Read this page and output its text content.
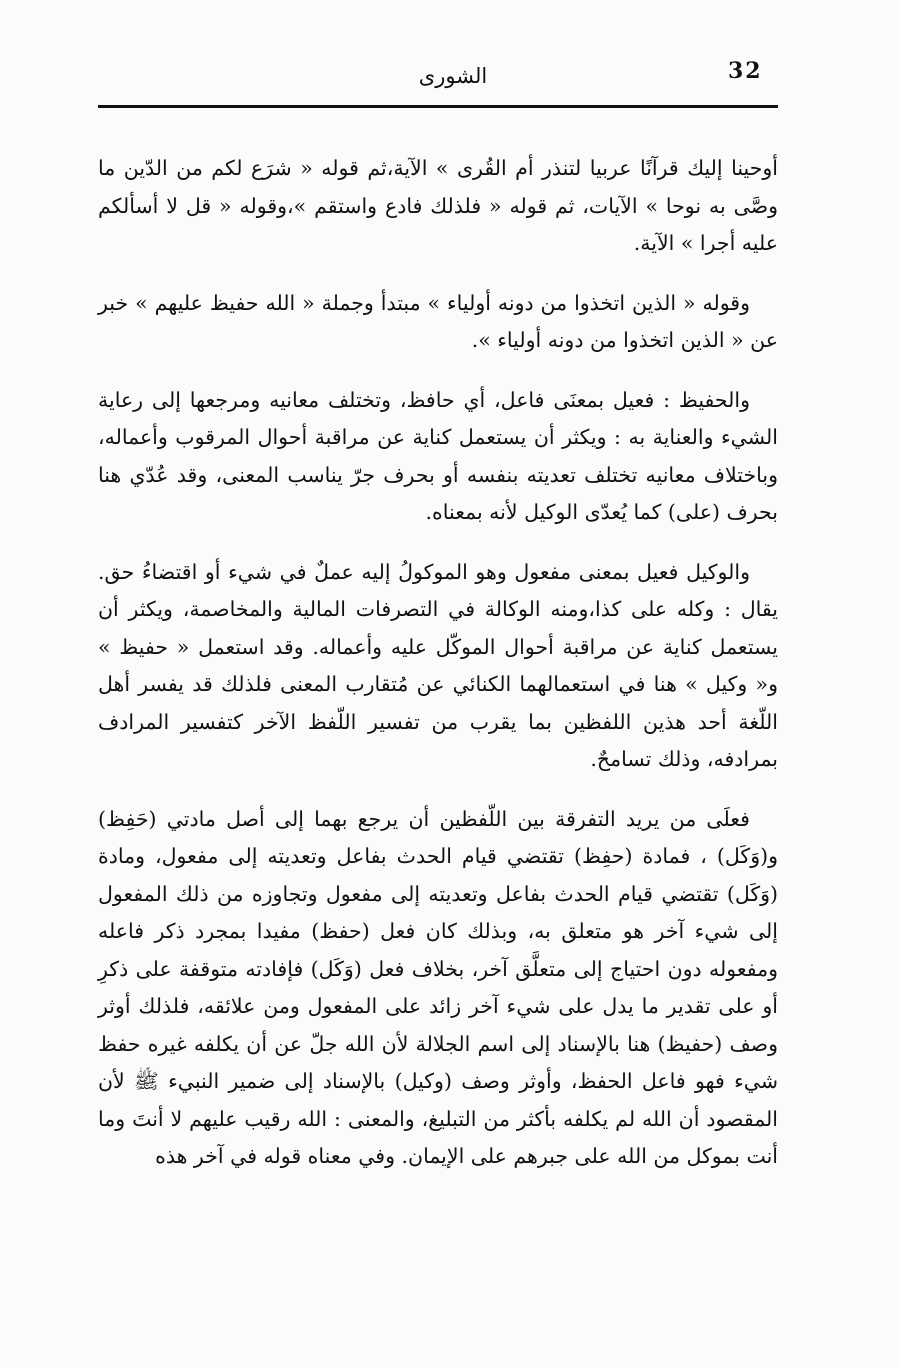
32
الشورى

أوحينا إليك قرآنًا عربيا لتنذر أم القُرى » الآية،ثم قوله « شرَع لكم من الدّين ما وصَّى به نوحا » الآيات، ثم قوله « فلذلك فادع واستقم »،وقوله « قل لا أسألكم عليه أجرا » الآية.

وقوله « الذين اتخذوا من دونه أولياء » مبتدأ وجملة « الله حفيظ عليهم » خبر عن « الذين اتخذوا من دونه أولياء ».

والحفيظ : فعيل بمعنَى فاعل، أي حافظ، وتختلف معانيه ومرجعها إلى رعاية الشيء والعناية به : ويكثر أن يستعمل كناية عن مراقبة أحوال المرقوب وأعماله، وباختلاف معانيه تختلف تعديته بنفسه أو بحرف جرّ يناسب المعنى، وقد عُدّي هنا بحرف (على) كما يُعدّى الوكيل لأنه بمعناه.

والوكيل فعيل بمعنى مفعول وهو الموكولُ إليه عملٌ في شيء أو اقتضاءُ حق. يقال : وكله على كذا،ومنه الوكالة في التصرفات المالية والمخاصمة، ويكثر أن يستعمل كناية عن مراقبة أحوال الموكّل عليه وأعماله. وقد استعمل « حفيظ » و« وكيل » هنا في استعمالهما الكنائي عن مُتقارب المعنى فلذلك قد يفسر أهل اللّغة أحد هذين اللفظين بما يقرب من تفسير اللّفظ الآخر كتفسير المرادف بمرادفه، وذلك تسامحٌ.

فعلَى من يريد التفرقة بين اللّفظين أن يرجع بهما إلى أصل مادتي (حَفِظ) و(وَكَل) ، فمادة (حفِظ) تقتضي قيام الحدث بفاعل وتعديته إلى مفعول، ومادة (وَكَل) تقتضي قيام الحدث بفاعل وتعديته إلى مفعول وتجاوزه من ذلك المفعول إلى شيء آخر هو متعلق به، وبذلك كان فعل (حفظ) مفيدا بمجرد ذكر فاعله ومفعوله دون احتياج إلى متعلَّق آخر، بخلاف فعل (وَكَل) فإفادته متوقفة على ذكرِ أو على تقدير ما يدل على شيء آخر زائد على المفعول ومن علائقه، فلذلك أوثر وصف (حفيظ) هنا بالإسناد إلى اسم الجلالة لأن الله جلّ عن أن يكلفه غيره حفظ شيء فهو فاعل الحفظ، وأوثر وصف (وكيل) بالإسناد إلى ضمير النبيء ﷺ لأن المقصود أن الله لم يكلفه بأكثر من التبليغ، والمعنى : الله رقيب عليهم لا أنتَ وما أنت بموكل من الله على جبرهم على الإيمان. وفي معناه قوله في آخر هذه
